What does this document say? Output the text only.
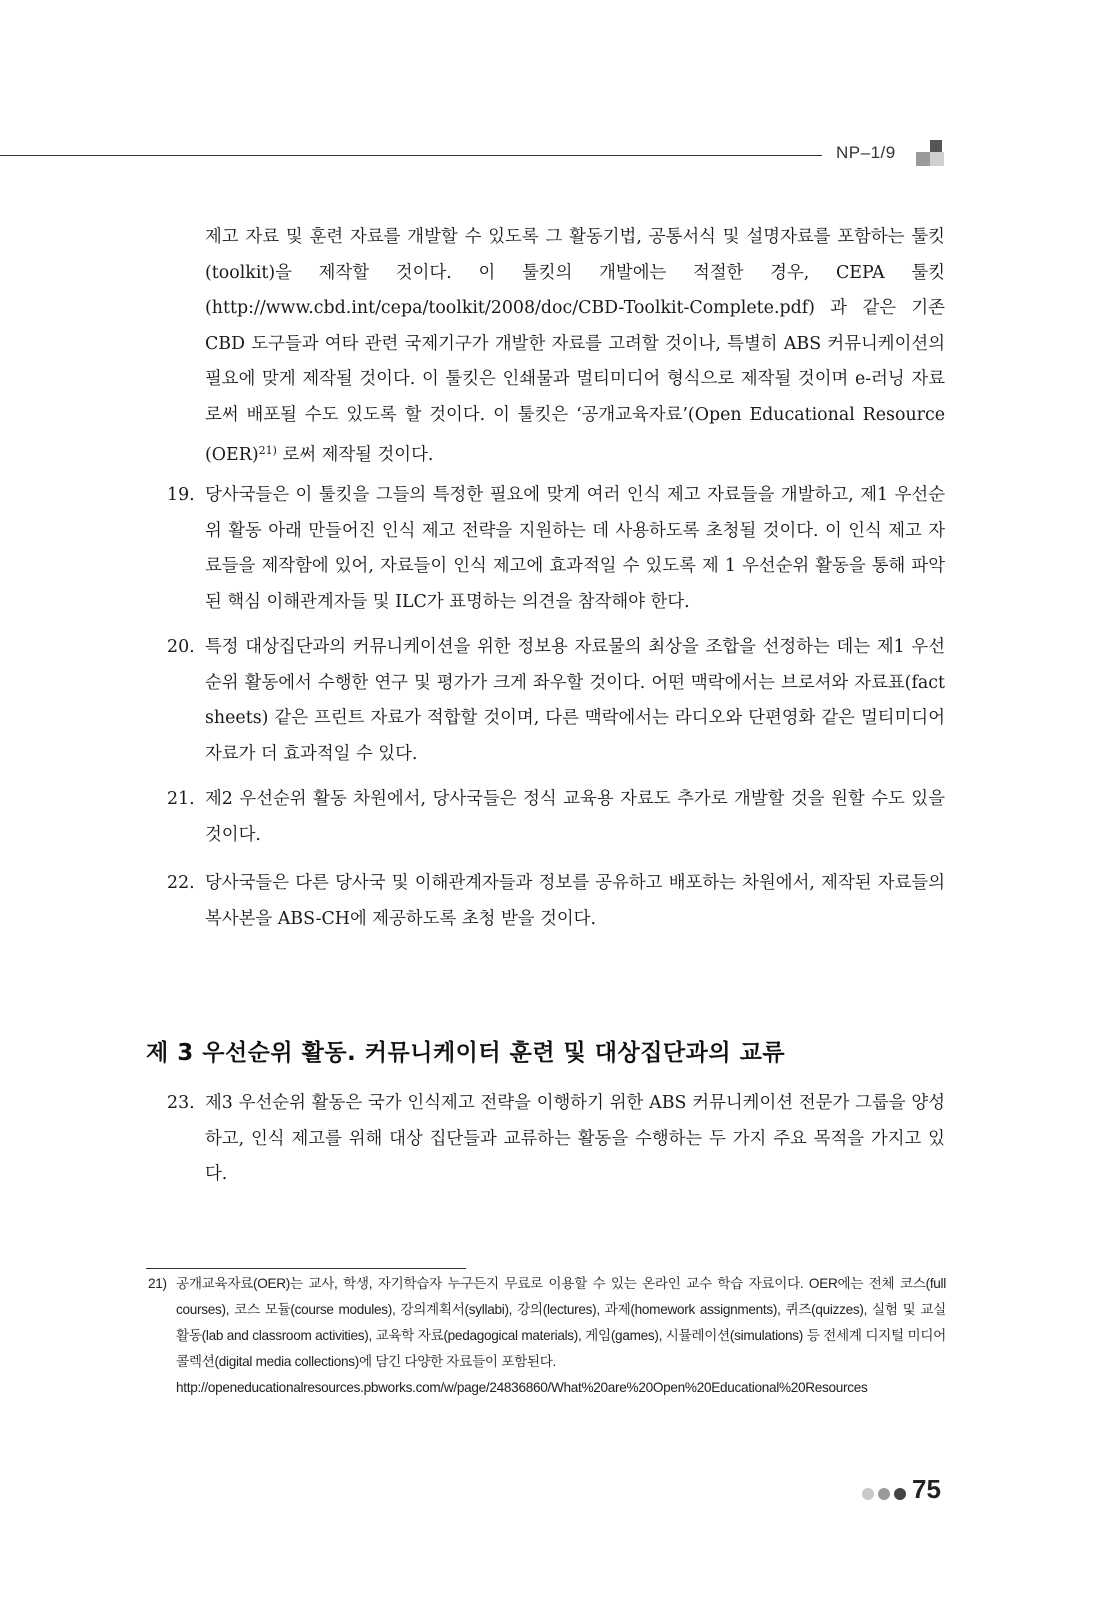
NP–1/9
제고 자료 및 훈련 자료를 개발할 수 있도록 그 활동기법, 공통서식 및 설명자료를 포함하는 툴킷(toolkit)을 제작할 것이다. 이 툴킷의 개발에는 적절한 경우, CEPA 툴킷 (http://www.cbd.int/cepa/toolkit/2008/doc/CBD-Toolkit-Complete.pdf) 과 같은 기존 CBD 도구들과 여타 관련 국제기구가 개발한 자료를 고려할 것이나, 특별히 ABS 커뮤니케이션의 필요에 맞게 제작될 것이다. 이 툴킷은 인쇄물과 멀티미디어 형식으로 제작될 것이며 e-러닝 자료로써 배포될 수도 있도록 할 것이다. 이 툴킷은 ‘공개교육자료’(Open Educational Resource (OER)$^{21)}$ 로써 제작될 것이다.
19. 당사국들은 이 툴킷을 그들의 특정한 필요에 맞게 여러 인식 제고 자료들을 개발하고, 제1 우선순위 활동 아래 만들어진 인식 제고 전략을 지원하는 데 사용하도록 초청될 것이다. 이 인식 제고 자료들을 제작함에 있어, 자료들이 인식 제고에 효과적일 수 있도록 제 1 우선순위 활동을 통해 파악된 핵심 이해관계자들 및 ILC가 표명하는 의견을 참작해야 한다.
20. 특정 대상집단과의 커뮤니케이션을 위한 정보용 자료물의 최상을 조합을 선정하는 데는 제1 우선순위 활동에서 수행한 연구 및 평가가 크게 좌우할 것이다. 어떤 맥락에서는 브로셔와 자료표(fact sheets) 같은 프린트 자료가 적합할 것이며, 다른 맥락에서는 라디오와 단편영화 같은 멀티미디어 자료가 더 효과적일 수 있다.
21. 제2 우선순위 활동 차원에서, 당사국들은 정식 교육용 자료도 추가로 개발할 것을 원할 수도 있을 것이다.
22. 당사국들은 다른 당사국 및 이해관계자들과 정보를 공유하고 배포하는 차원에서, 제작된 자료들의 복사본을 ABS-CH에 제공하도록 초청 받을 것이다.
제 3 우선순위 활동. 커뮤니케이터 훈련 및 대상집단과의 교류
23. 제3 우선순위 활동은 국가 인식제고 전략을 이행하기 위한 ABS 커뮤니케이션 전문가 그룹을 양성하고, 인식 제고를 위해 대상 집단들과 교류하는 활동을 수행하는 두 가지 주요 목적을 가지고 있다.
21) 공개교육자료(OER)는 교사, 학생, 자기학습자 누구든지 무료로 이용할 수 있는 온라인 교수 학습 자료이다. OER에는 전체 코스(full courses), 코스 모듈(course modules), 강의계획서(syllabi), 강의(lectures), 과제(homework assignments), 퀴즈(quizzes), 실험 및 교실 활동(lab and classroom activities), 교육학 자료(pedagogical materials), 게임(games), 시뮬레이션(simulations) 등 전세계 디지털 미디어 콜렉션(digital media collections)에 담긴 다양한 자료들이 포함된다.
http://openeducationalresources.pbworks.com/w/page/24836860/What%20are%20Open%20Educational%20Resources
75
